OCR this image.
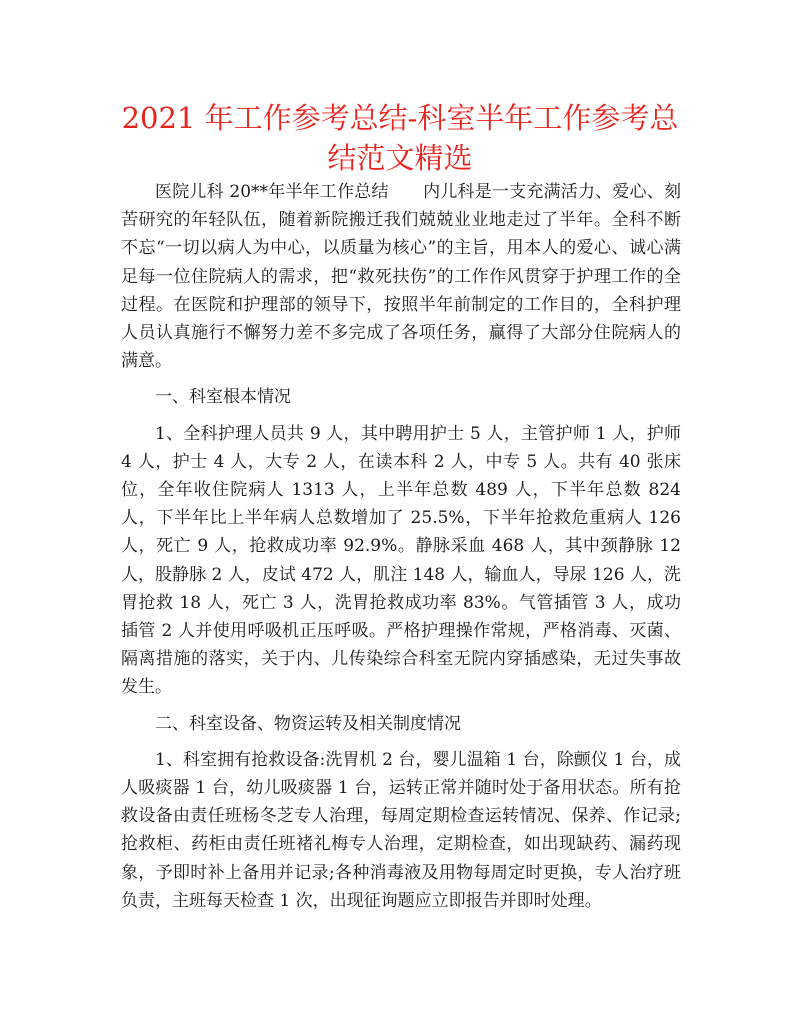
2021 年工作参考总结-科室半年工作参考总结范文精选

医院儿科 20**年半年工作总结　　内儿科是一支充满活力、爱心、刻苦研究的年轻队伍，随着新院搬迁我们兢兢业业地走过了半年。全科不断不忘“一切以病人为中心，以质量为核心”的主旨，用本人的爱心、诚心满足每一位住院病人的需求，把“救死扶伤”的工作作风贯穿于护理工作的全过程。在医院和护理部的领导下，按照半年前制定的工作目的，全科护理人员认真施行不懈努力差不多完成了各项任务，赢得了大部分住院病人的满意。

一、科室根本情况

1、全科护理人员共 9 人，其中聘用护士 5 人，主管护师 1 人，护师 4 人，护士 4 人，大专 2 人，在读本科 2 人，中专 5 人。共有 40 张床位，全年收住院病人 1313 人，上半年总数 489 人，下半年总数 824 人，下半年比上半年病人总数增加了 25.5%，下半年抢救危重病人 126 人，死亡 9 人，抢救成功率 92.9%。静脉采血 468 人，其中颈静脉 12 人，股静脉 2 人，皮试 472 人，肌注 148 人，输血人，导尿 126 人，洗胃抢救 18 人，死亡 3 人，洗胃抢救成功率 83%。气管插管 3 人，成功插管 2 人并使用呼吸机正压呼吸。严格护理操作常规，严格消毒、灭菌、隔离措施的落实，关于内、儿传染综合科室无院内穿插感染，无过失事故发生。

二、科室设备、物资运转及相关制度情况

1、科室拥有抢救设备:洗胃机 2 台，婴儿温箱 1 台，除颤仪 1 台，成人吸痰器 1 台，幼儿吸痰器 1 台，运转正常并随时处于备用状态。所有抢救设备由责任班杨冬芝专人治理，每周定期检查运转情况、保养、作记录;抢救柜、药柜由责任班褚礼梅专人治理，定期检查，如出现缺药、漏药现象，予即时补上备用并记录;各种消毒液及用物每周定时更换，专人治疗班负责，主班每天检查 1 次，出现征询题应立即报告并即时处理。
